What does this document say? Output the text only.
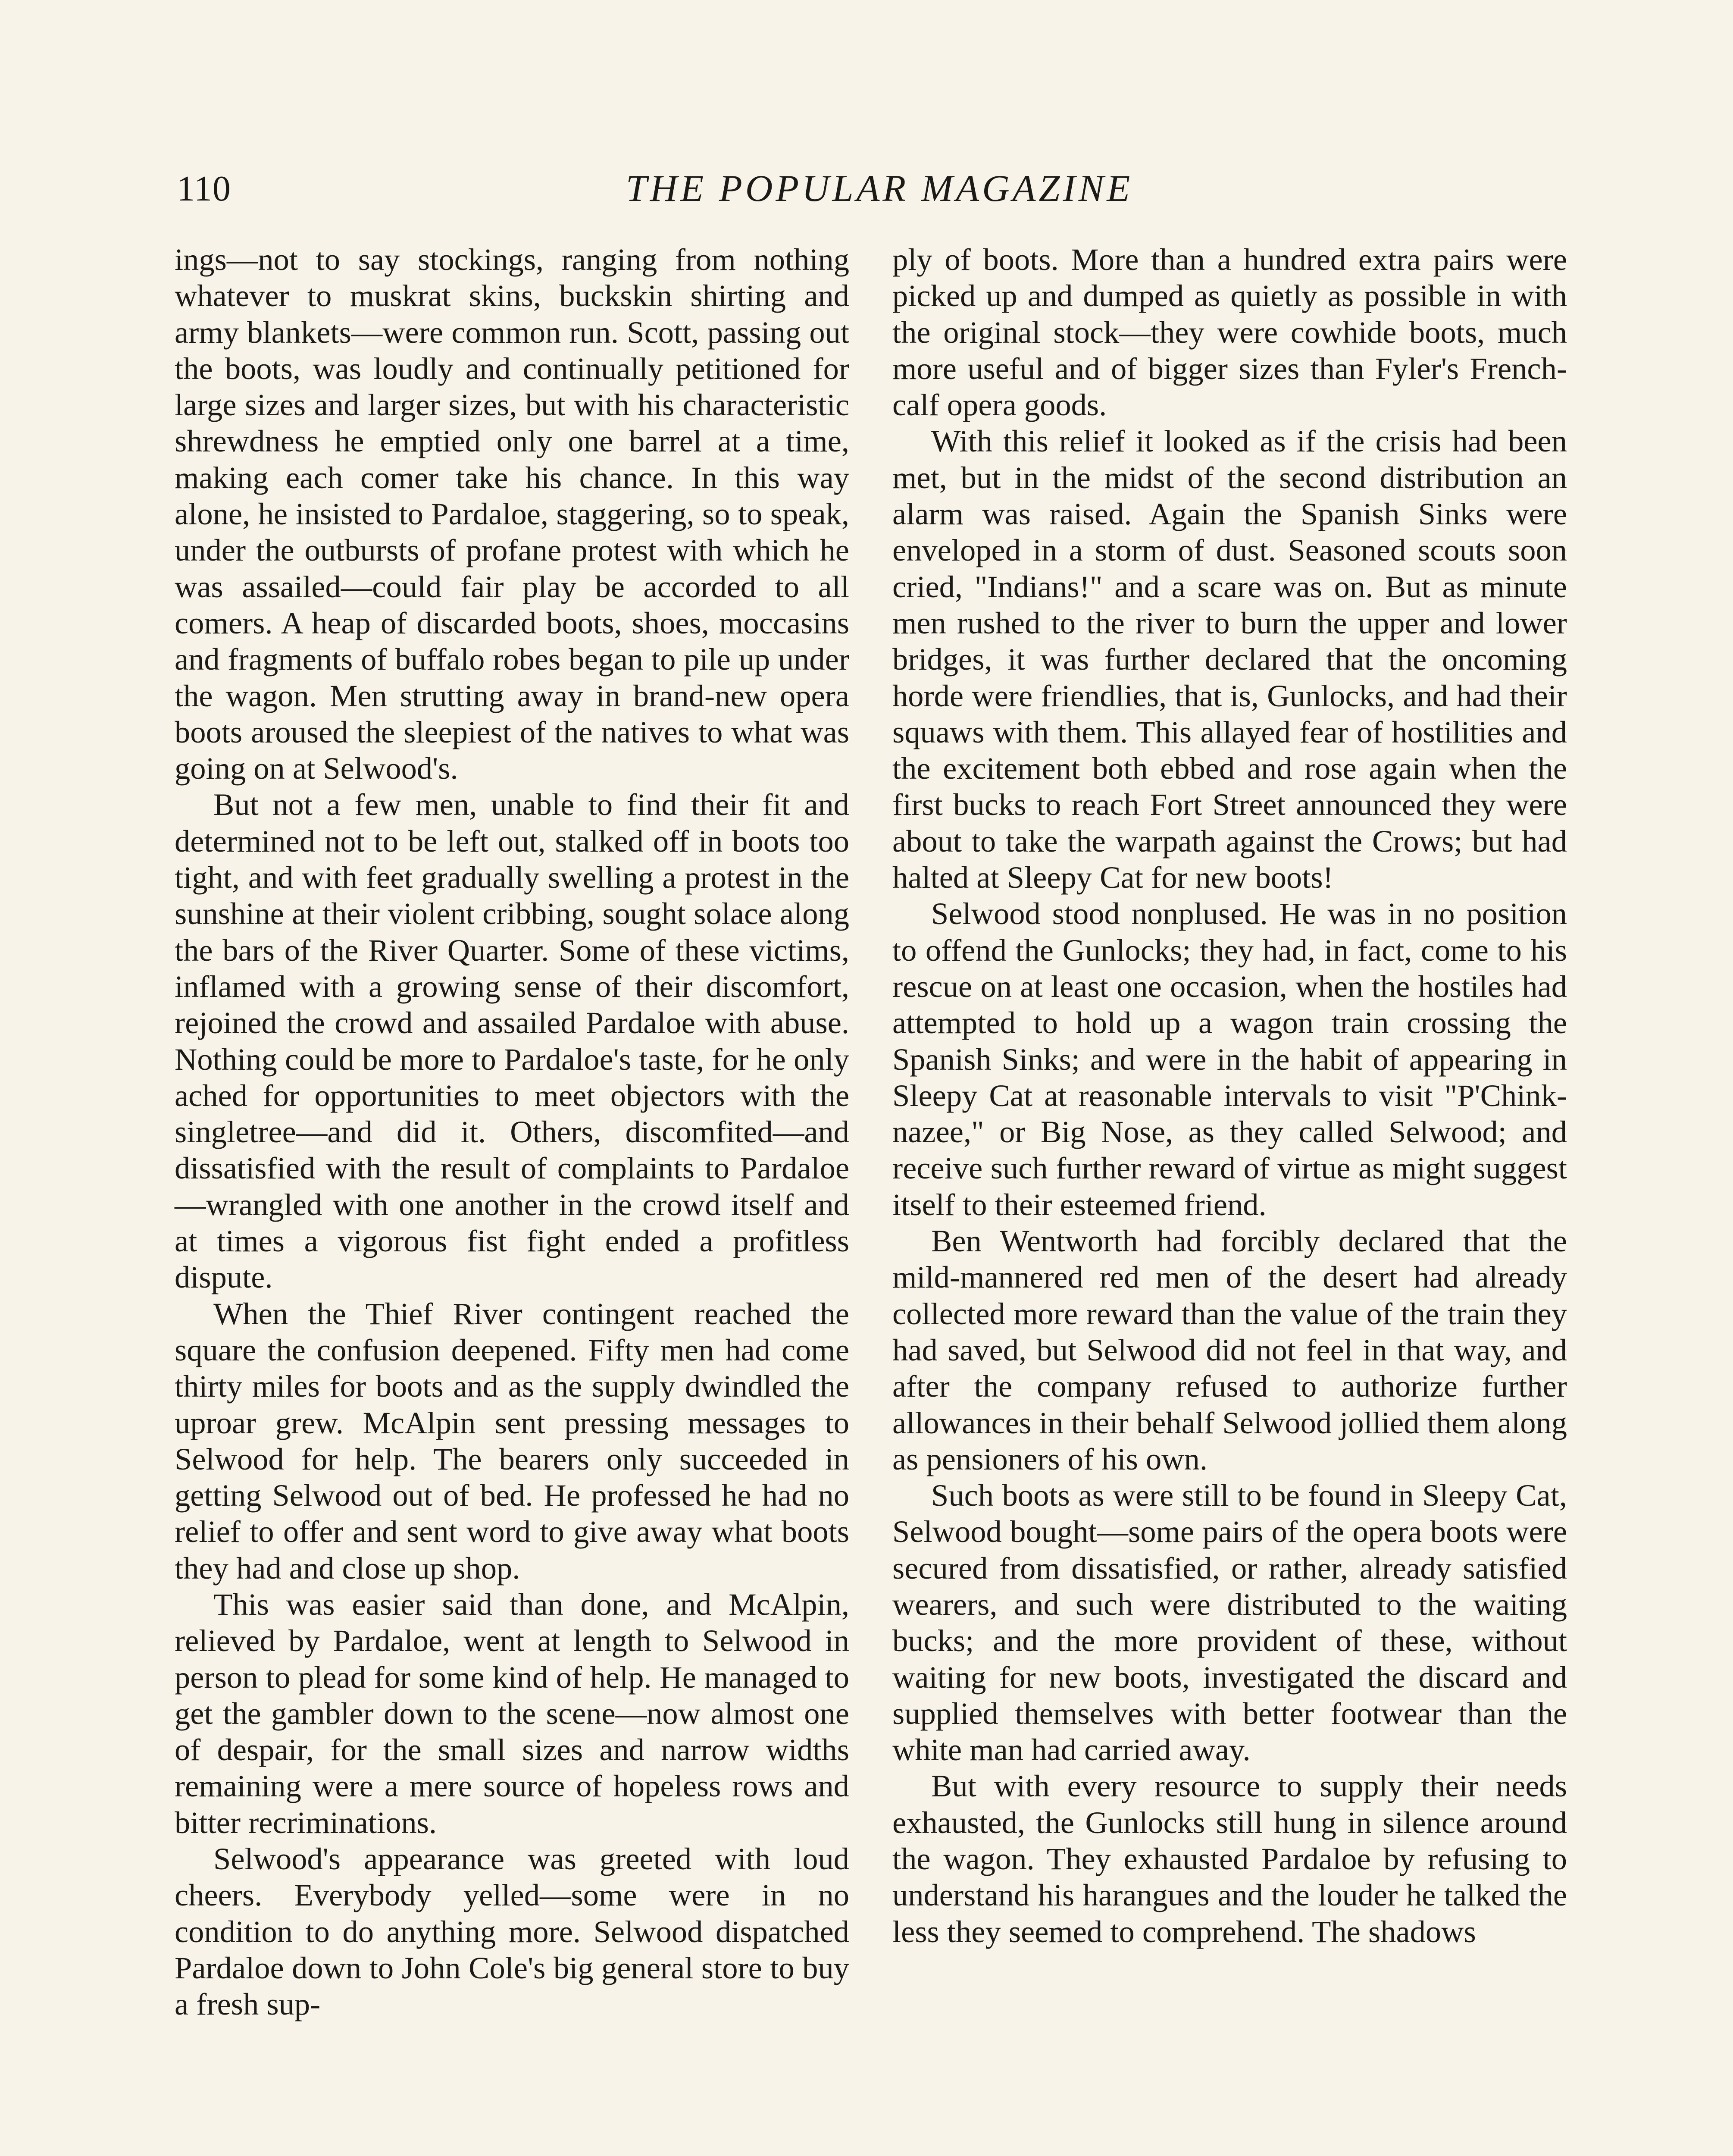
110	THE POPULAR MAGAZINE

ings—not to say stockings, ranging from nothing whatever to muskrat skins, buckskin shirting and army blankets—were common run. Scott, passing out the boots, was loudly and continually petitioned for large sizes and larger sizes, but with his characteristic shrewdness he emptied only one barrel at a time, making each comer take his chance. In this way alone, he insisted to Pardaloe, staggering, so to speak, under the outbursts of profane protest with which he was assailed—could fair play be accorded to all comers. A heap of discarded boots, shoes, moccasins and fragments of buffalo robes began to pile up under the wagon. Men strutting away in brand-new opera boots aroused the sleepiest of the natives to what was going on at Selwood's.

But not a few men, unable to find their fit and determined not to be left out, stalked off in boots too tight, and with feet gradually swelling a protest in the sunshine at their violent cribbing, sought solace along the bars of the River Quarter. Some of these victims, inflamed with a growing sense of their discomfort, rejoined the crowd and assailed Pardaloe with abuse. Nothing could be more to Pardaloe's taste, for he only ached for opportunities to meet objectors with the singletree—and did it. Others, discomfited—and dissatisfied with the result of complaints to Pardaloe—wrangled with one another in the crowd itself and at times a vigorous fist fight ended a profitless dispute.

When the Thief River contingent reached the square the confusion deepened. Fifty men had come thirty miles for boots and as the supply dwindled the uproar grew. McAlpin sent pressing messages to Selwood for help. The bearers only succeeded in getting Selwood out of bed. He professed he had no relief to offer and sent word to give away what boots they had and close up shop.

This was easier said than done, and McAlpin, relieved by Pardaloe, went at length to Selwood in person to plead for some kind of help. He managed to get the gambler down to the scene—now almost one of despair, for the small sizes and narrow widths remaining were a mere source of hopeless rows and bitter recriminations.

Selwood's appearance was greeted with loud cheers. Everybody yelled—some were in no condition to do anything more. Selwood dispatched Pardaloe down to John Cole's big general store to buy a fresh sup-

ply of boots. More than a hundred extra pairs were picked up and dumped as quietly as possible in with the original stock—they were cowhide boots, much more useful and of bigger sizes than Fyler's French-calf opera goods.

With this relief it looked as if the crisis had been met, but in the midst of the second distribution an alarm was raised. Again the Spanish Sinks were enveloped in a storm of dust. Seasoned scouts soon cried, "Indians!" and a scare was on. But as minute men rushed to the river to burn the upper and lower bridges, it was further declared that the oncoming horde were friendlies, that is, Gunlocks, and had their squaws with them. This allayed fear of hostilities and the excitement both ebbed and rose again when the first bucks to reach Fort Street announced they were about to take the warpath against the Crows; but had halted at Sleepy Cat for new boots!

Selwood stood nonplused. He was in no position to offend the Gunlocks; they had, in fact, come to his rescue on at least one occasion, when the hostiles had attempted to hold up a wagon train crossing the Spanish Sinks; and were in the habit of appearing in Sleepy Cat at reasonable intervals to visit "P'Chink-nazee," or Big Nose, as they called Selwood; and receive such further reward of virtue as might suggest itself to their esteemed friend.

Ben Wentworth had forcibly declared that the mild-mannered red men of the desert had already collected more reward than the value of the train they had saved, but Selwood did not feel in that way, and after the company refused to authorize further allowances in their behalf Selwood jollied them along as pensioners of his own.

Such boots as were still to be found in Sleepy Cat, Selwood bought—some pairs of the opera boots were secured from dissatisfied, or rather, already satisfied wearers, and such were distributed to the waiting bucks; and the more provident of these, without waiting for new boots, investigated the discard and supplied themselves with better footwear than the white man had carried away.

But with every resource to supply their needs exhausted, the Gunlocks still hung in silence around the wagon. They exhausted Pardaloe by refusing to understand his harangues and the louder he talked the less they seemed to comprehend. The shadows
